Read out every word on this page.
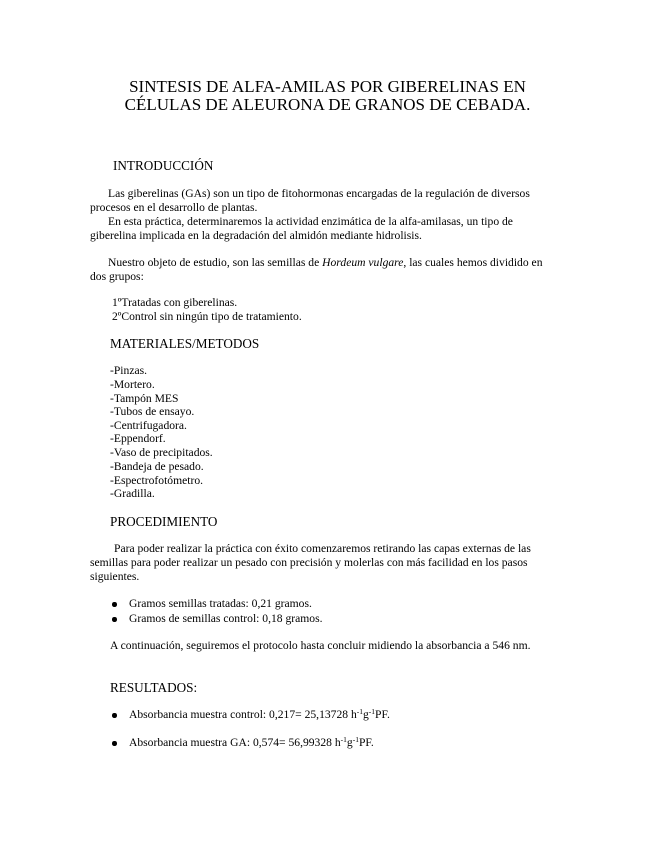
SINTESIS DE ALFA-AMILAS POR GIBERELINAS EN
CÉLULAS DE ALEURONA DE GRANOS DE CEBADA.
INTRODUCCIÓN
Las giberelinas (GAs) son un tipo de fitohormonas encargadas de la regulación de diversos
procesos en el desarrollo de plantas.
En esta práctica, determinaremos la actividad enzimática de la alfa-amilasas, un tipo de
giberelina implicada en la degradación del almidón mediante hidrolisis.
Nuestro objeto de estudio, son las semillas de Hordeum vulgare, las cuales hemos dividido en
dos grupos:
1ºTratadas con giberelinas.
2ºControl sin ningún tipo de tratamiento.
MATERIALES/METODOS
-Pinzas.
-Mortero.
-Tampón MES
-Tubos de ensayo.
-Centrifugadora.
-Eppendorf.
-Vaso de precipitados.
-Bandeja de pesado.
-Espectrofotómetro.
-Gradilla.
PROCEDIMIENTO
Para poder realizar la práctica con éxito comenzaremos retirando las capas externas de las
semillas para poder realizar un pesado con precisión y molerlas con más facilidad en los pasos
siguientes.
Gramos semillas tratadas: 0,21 gramos.
Gramos de semillas control: 0,18 gramos.
A continuación, seguiremos el protocolo hasta concluir midiendo la absorbancia a 546 nm.
RESULTADOS:
Absorbancia muestra control: 0,217= 25,13728 $h^{-1}g^{-1}PF$.
Absorbancia muestra GA: 0,574= 56,99328 $h^{-1}g^{-1}PF$.
